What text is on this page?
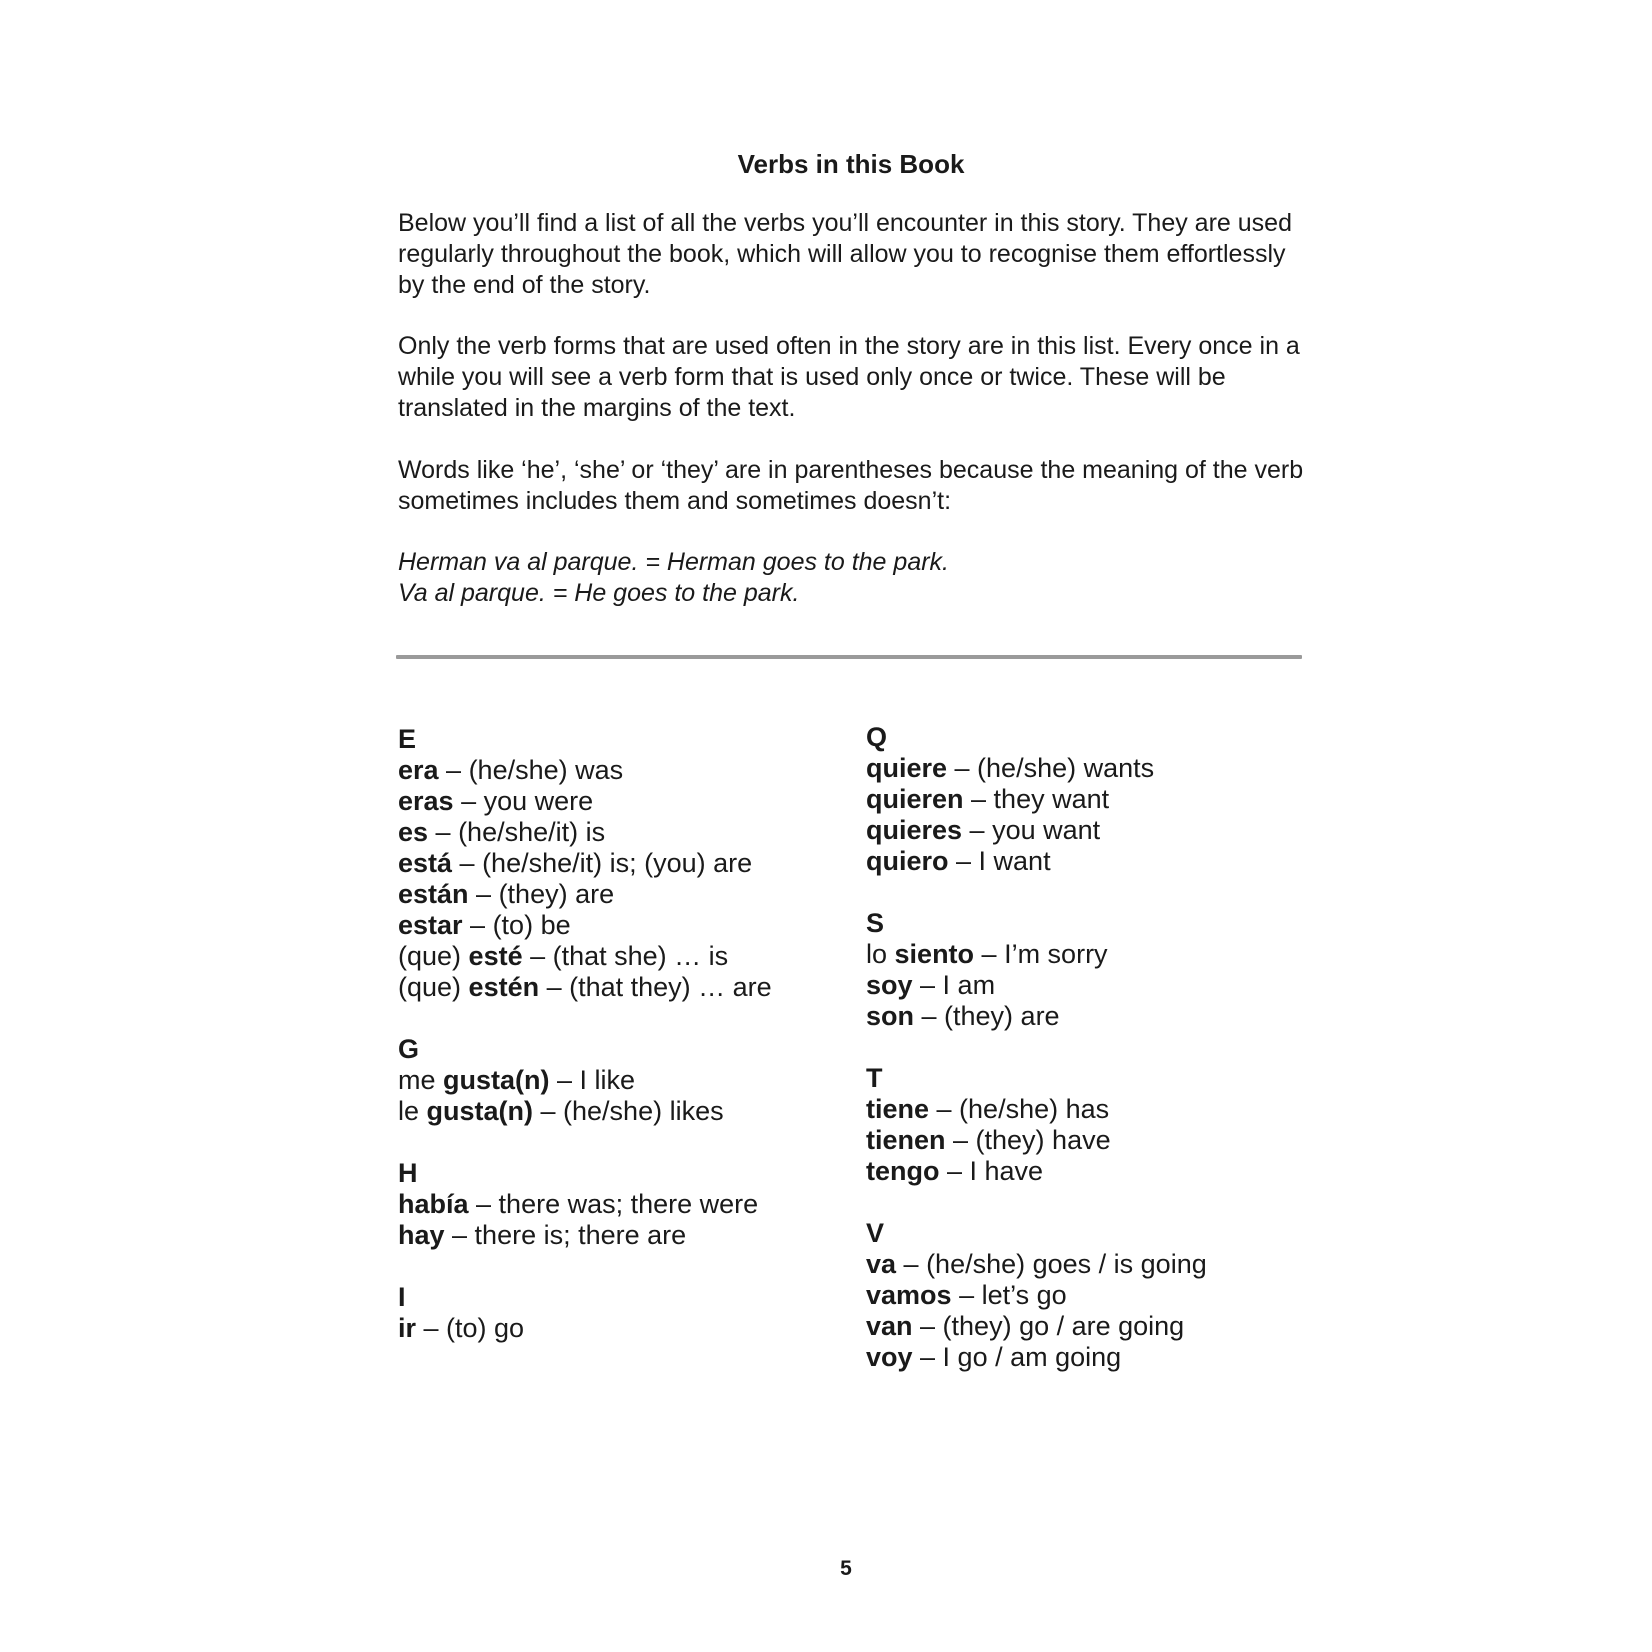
Verbs in this Book

Below you’ll find a list of all the verbs you’ll encounter in this story. They are used regularly throughout the book, which will allow you to recognise them effortlessly by the end of the story.

Only the verb forms that are used often in the story are in this list. Every once in a while you will see a verb form that is used only once or twice. These will be translated in the margins of the text.

Words like ‘he’, ‘she’ or ‘they’ are in parentheses because the meaning of the verb sometimes includes them and sometimes doesn’t:

Herman va al parque. = Herman goes to the park.

Va al parque. = He goes to the park.

E
era – (he/she) was
eras – you were
es – (he/she/it) is
está – (he/she/it) is; (you) are
están – (they) are
estar – (to) be
(que) esté – (that she) … is
(que) estén – (that they) … are
G
me gusta(n) – I like
le gusta(n) – (he/she) likes
H
había – there was; there were
hay – there is; there are
I
ir – (to) go
Q
quiere – (he/she) wants
quieren – they want
quieres – you want
quiero – I want
S
lo siento – I’m sorry
soy – I am
son – (they) are
T
tiene – (he/she) has
tienen – (they) have
tengo – I have
V
va – (he/she) goes / is going
vamos – let’s go
van – (they) go / are going
voy – I go / am going
5
